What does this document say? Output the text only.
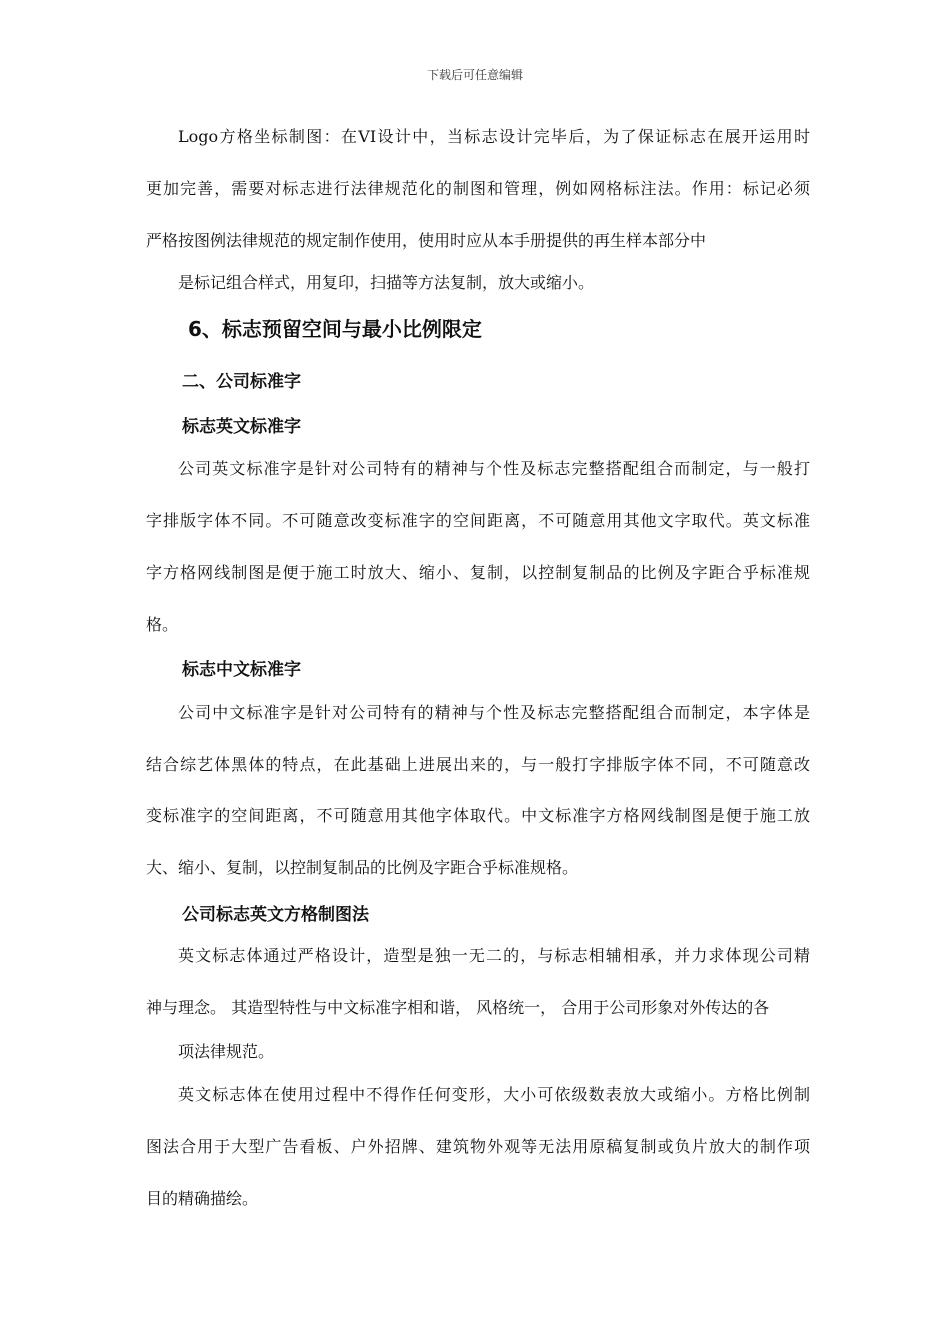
下载后可任意编辑
Logo方格坐标制图：在VI设计中，当标志设计完毕后，为了保证标志在展开运用时
更加完善，需要对标志进行法律规范化的制图和管理，例如网格标注法。作用：标记必须
严格按图例法律规范的规定制作使用，使用时应从本手册提供的再生样本部分中
是标记组合样式，用复印，扫描等方法复制，放大或缩小。
6、标志预留空间与最小比例限定
二、公司标准字
标志英文标准字
公司英文标准字是针对公司特有的精神与个性及标志完整搭配组合而制定，与一般打
字排版字体不同。不可随意改变标准字的空间距离，不可随意用其他文字取代。英文标准
字方格网线制图是便于施工时放大、缩小、复制，以控制复制品的比例及字距合乎标准规
格。
标志中文标准字
公司中文标准字是针对公司特有的精神与个性及标志完整搭配组合而制定，本字体是
结合综艺体黑体的特点，在此基础上进展出来的，与一般打字排版字体不同，不可随意改
变标准字的空间距离，不可随意用其他字体取代。中文标准字方格网线制图是便于施工放
大、缩小、复制，以控制复制品的比例及字距合乎标准规格。
公司标志英文方格制图法
英文标志体通过严格设计，造型是独一无二的，与标志相辅相承，并力求体现公司精
神与理念。 其造型特性与中文标准字相和谐， 风格统一， 合用于公司形象对外传达的各
项法律规范。
英文标志体在使用过程中不得作任何变形，大小可依级数表放大或缩小。方格比例制
图法合用于大型广告看板、户外招牌、建筑物外观等无法用原稿复制或负片放大的制作项
目的精确描绘。
